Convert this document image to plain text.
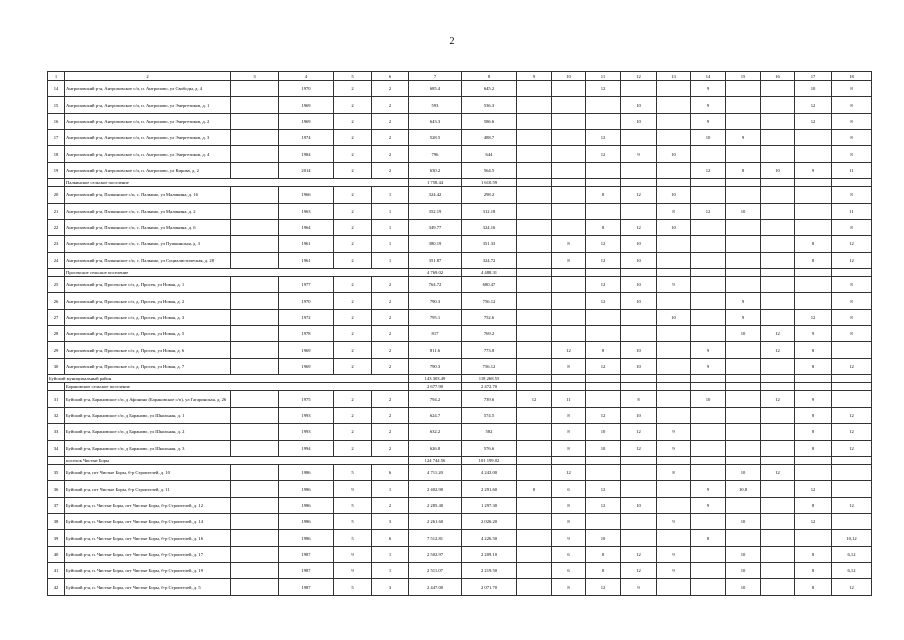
2
1	2	3	4	5	6	7	8	9	10	11	12	13	14	15	16	17	18
14	Антроповский р-н, Антроповское с/п, п. Антропово, ул Свободы, д. 4		1970	2	2	685.4	645.2			12			9			10	8
15	Антроповский р-н, Антроповское с/п, п. Антропово, ул Энергетиков, д. 1		1969	2	2	593	536.3				10		9			12	8
16	Антроповский р-н, Антроповское с/п, п. Антропово, ул Энергетиков, д. 2		1969	2	2	643.3	586.6				10		9			12	8
17	Антроповский р-н, Антроповское с/п, п. Антропово, ул Энергетиков, д. 3		1974	2	2	528.5	488.7			12			10	9			8
18	Антроповский р-н, Антроповское с/п, п. Антропово, ул Энергетиков, д. 4		1984	2	2	796	644			12	9	10					8
19	Антроповский р-н, Антроповское с/п, п. Антропово, ул Кирова, д. 2		2014	2	2	630.2	564.5						12	8	10	9	11
	Палкинское сельское поселение					1 758.44	1 610.59										
20	Антроповский р-н, Палкинское с/п, с. Палкино, ул Малинина, д. 16		1966	2	1	324.42	298.2			8	12	10					8
21	Антроповский р-н, Палкинское с/п, с. Палкино, ул Малинина, д. 2		1963	2	1	352.19	312.18					8	12	10			11
22	Антроповский р-н, Палкинское с/п, с. Палкино, ул Малинина, д. 6		1964	2	1	349.77	324.16			8	12	10					8
23	Антроповский р-н, Палкинское с/п, с. Палкино, ул Пушкинская, д. 3		1961	2	1	380.19	351.33		8	12	10					8	12
24	Антроповский р-н, Палкинское с/п, с. Палкино, ул Социалистическая, д. 28		1961	2	1	351.87	324.72		8	12	10					8	12
	Просекское сельское поселение					4 769.02	4 488.31										
25	Антроповский р-н, Просекское с/п, д. Просек, ул Новая, д. 1		1977	2	2	764.72	680.47			12	10	9					8
26	Антроповский р-н, Просекское с/п, д. Просек, ул Новая, д. 2		1970	2	2	790.3	756.12			12	10			9			8
27	Антроповский р-н, Просекское с/п, д. Просек, ул Новая, д. 3		1972	2	2	795.1	752.6					10		9		12	8
28	Антроповский р-н, Просекское с/п, д. Просек, ул Новая, д. 5		1978	2	2	817	769.2							10	12	9	8
29	Антроповский р-н, Просекское с/п, д. Просек, ул Новая, д. 6		1969	2	2	811.6	773.8		12	8	10		9		12	8	
30	Антроповский р-н, Просекское с/п, д. Просек, ул Новая, д. 7		1969	2	2	790.3	756.12		8	12	10		9			8	12
Буйский муниципальный район						143 303.49	118 268.55										
	Барановское сельское поселение					2 677.90	2 472.70										
31	Буйский р-н, Барановское с/п, д Афонино (Барановское с/п), ул Гагаринская, д. 26		1975	2	2	794.2	739.6	12	11		8		10		12	9	
32	Буйский р-н, Барановское с/п, д Бараново, ул Школьная, д. 1		1993	2	2	624.7	574.5		8	12	10					8	12
33	Буйский р-н, Барановское с/п, д Бараново, ул Школьная, д. 2		1993	2	2	632.2	582		8	10	12	9				8	12
34	Буйский р-н, Барановское с/п, д Бараново, ул Школьная, д. 3		1994	2	2	626.8	576.6		8	10	12	9				8	12
	поселок Чистые Боры					124 744.56	101 199.02										
35	Буйский р-н, пгт Чистые Боры, б-р Строителей, д. 10		1986	5	6	4 711.20	4 243.00		12			8		10	12		
36	Буйский р-н, пгт Чистые Боры, б-р Строителей, д. 11		1986	9	1	2 402.90	2 291.60	8	6	12			9	10,8		12	
37	Буйский р-н, п. Чистые Боры, пгт Чистые Боры, б-р Строителей, д. 12		1986	5	2	2 285.40	1 297.30		8	12	10		9			8	12
38	Буйский р-н, п. Чистые Боры, пгт Чистые Боры, б-р Строителей, д. 14		1986	5	3	2 261.60	2 026.20		8			9		10		12	
39	Буйский р-н, п. Чистые Боры, пгт Чистые Боры, б-р Строителей, д. 16		1986	5	6	7 512.81	4 226.50		9	10			8				10,12
40	Буйский р-н, п. Чистые Боры, пгт Чистые Боры, б-р Строителей, д. 17		1987	9	1	2 502.97	2 209.10		6	8	12	9		10		8	6,12
41	Буйский р-н, п. Чистые Боры, пгт Чистые Боры, б-р Строителей, д. 19		1987	9	1	2 511.07	2 219.50		6	8	12	9		10		8	6,12
42	Буйский р-н, п. Чистые Боры, пгт Чистые Боры, б-р Строителей, д. 5		1987	5	3	2 447.00	2 071.70		8	12	9			10		8	12
